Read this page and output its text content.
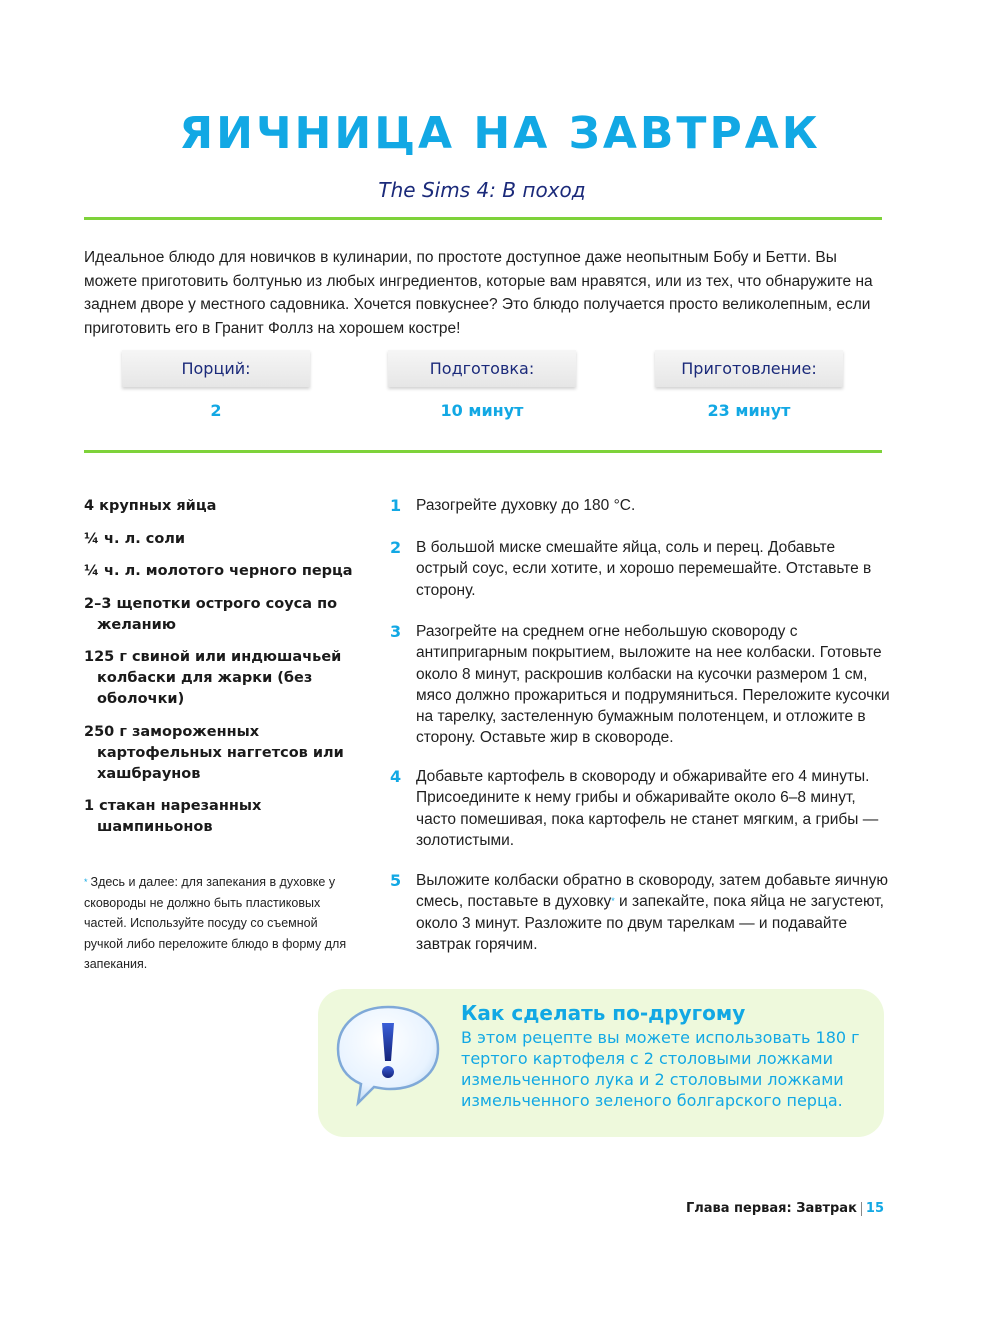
ЯИЧНИЦА НА ЗАВТРАК
The Sims 4: В поход

Идеальное блюдо для новичков в кулинарии, по простоте доступное даже неопытным Бобу и Бетти. Вы можете приготовить болтунью из любых ингредиентов, которые вам нравятся, или из тех, что обнаружите на заднем дворе у местного садовника. Хочется повкуснее? Это блюдо получается просто великолепным, если приготовить его в Гранит Фоллз на хорошем костре!

Порций:
2
Подготовка:
10 минут
Приготовление:
23 минут
4 крупных яйца
¼ ч. л. соли
¼ ч. л. молотого черного перца
2–3 щепотки острого соуса по желанию
125 г свиной или индюшачьей колбаски для жарки (без оболочки)
250 г замороженных картофельных наггетсов или хашбраунов
1 стакан нарезанных шампиньонов
* Здесь и далее: для запекания в духовке у сковороды не должно быть пластиковых частей. Используйте посуду со съемной ручкой либо переложите блюдо в форму для запекания.
1 Разогрейте духовку до 180 °С.
2 В большой миске смешайте яйца, соль и перец. Добавьте острый соус, если хотите, и хорошо перемешайте. Отставьте в сторону.
3 Разогрейте на среднем огне небольшую сковороду с антипригарным покрытием, выложите на нее колбаски. Готовьте около 8 минут, раскрошив колбаски на кусочки размером 1 см, мясо должно прожариться и подрумяниться. Переложите кусочки на тарелку, застеленную бумажным полотенцем, и отложите в сторону. Оставьте жир в сковороде.
4 Добавьте картофель в сковороду и обжаривайте его 4 минуты. Присоедините к нему грибы и обжаривайте около 6–8 минут, часто помешивая, пока картофель не станет мягким, а грибы — золотистыми.
5 Выложите колбаски обратно в сковороду, затем добавьте яичную смесь, поставьте в духовку* и запекайте, пока яйца не загустеют, около 3 минут. Разложите по двум тарелкам — и подавайте завтрак горячим.
Как сделать по-другому
В этом рецепте вы можете использовать 180 г тертого картофеля с 2 столовыми ложками измельченного лука и 2 столовыми ложками измельченного зеленого болгарского перца.
Глава первая: Завтрак 15
